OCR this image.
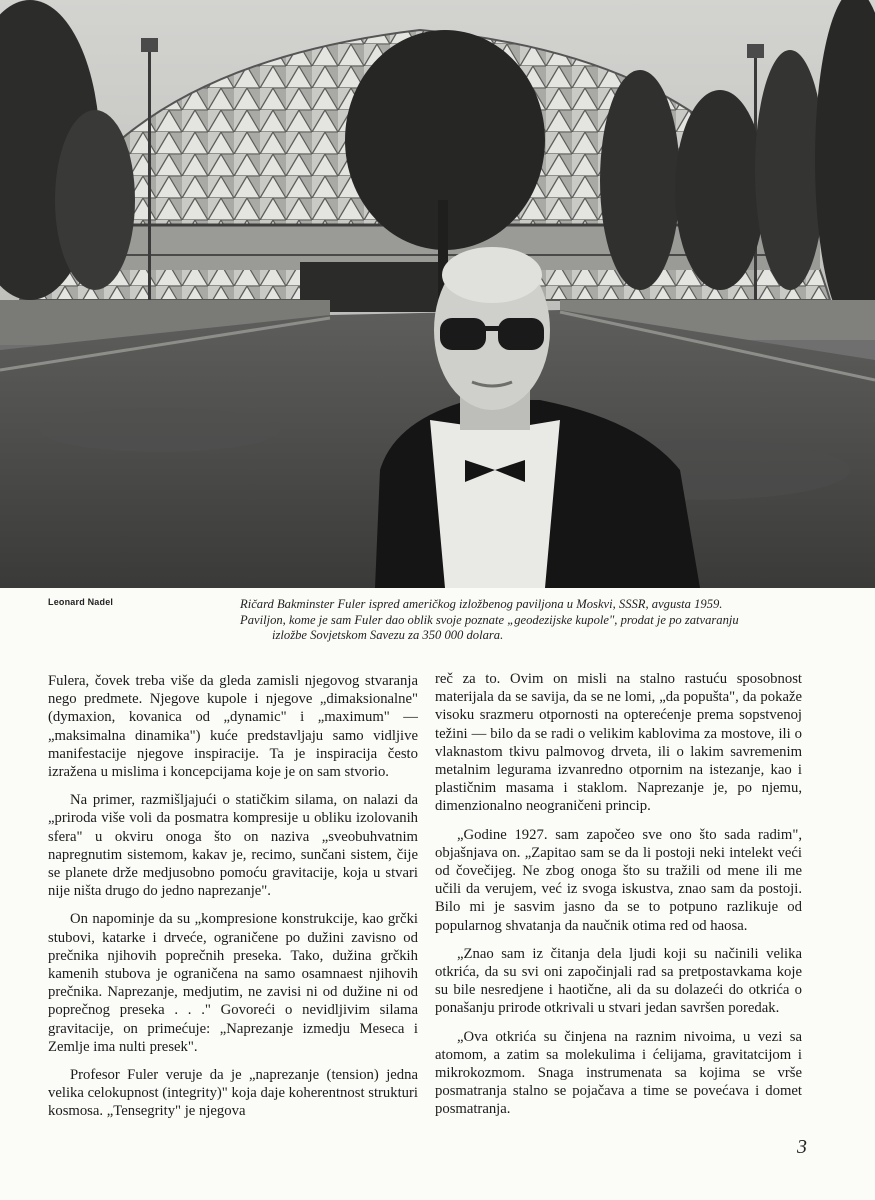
Leonard Nadel	Ričard Bakminster Fuler ispred američkog izložbenog paviljona u Moskvi, SSSR, avgusta 1959.

Paviljon, kome je sam Fuler dao oblik svoje poznate „geodezijske kupole", prodat je po zatvaranju

izložbe Sovjetskom Savezu za 350 000 dolara.

Fulera, čovek treba više da gleda zamisli njegovog stvaranja nego predmete. Njegove kupole i njegove „dimaksionalne" (dymaxion, kovanica od „dynamic" i „maximum" — „maksimalna dinamika") kuće predstavljaju samo vidljive manifestacije njegove inspiracije. Ta je inspiracija često izražena u mislima i koncepcijama koje je on sam stvorio.

Na primer, razmišljajući o statičkim silama, on nalazi da „priroda više voli da posmatra kompresije u obliku izolovanih sfera" u okviru onoga što on naziva „sveobuhvatnim napregnutim sistemom, kakav je, recimo, sunčani sistem, čije se planete drže medjusobno pomoću gravitacije, koja u stvari nije ništa drugo do jedno naprezanje".

On napominje da su „kompresione konstrukcije, kao grčki stubovi, katarke i drveće, ograničene po dužini zavisno od prečnika njihovih poprečnih preseka. Tako, dužina grčkih kamenih stubova je ograničena na samo osamnaest njihovih prečnika. Naprezanje, medjutim, ne zavisi ni od dužine ni od poprečnog preseka . . ." Govoreći o nevidljivim silama gravitacije, on primećuje: „Naprezanje izmedju Meseca i Zemlje ima nulti presek".

Profesor Fuler veruje da je „naprezanje (tension) jedna velika celokupnost (integrity)" koja daje koherentnost strukturi kosmosa. „Tensegrity" je njegova

reč za to. Ovim on misli na stalno rastuću sposobnost materijala da se savija, da se ne lomi, „da popušta", da pokaže visoku srazmeru otpornosti na opterećenje prema sopstvenoj težini — bilo da se radi o velikim kablovima za mostove, ili o vlaknastom tkivu palmovog drveta, ili o lakim savremenim metalnim legurama izvanredno otpornim na istezanje, kao i plastičnim masama i staklom. Naprezanje je, po njemu, dimenzionalno neograničeni princip.

„Godine 1927. sam započeo sve ono što sada radim", objašnjava on. „Zapitao sam se da li postoji neki intelekt veći od čovečijeg. Ne zbog onoga što su tražili od mene ili me učili da verujem, već iz svoga iskustva, znao sam da postoji. Bilo mi je sasvim jasno da se to potpuno razlikuje od popularnog shvatanja da naučnik otima red od haosa.

„Znao sam iz čitanja dela ljudi koji su načinili velika otkrića, da su svi oni započinjali rad sa pretpostavkama koje su bile nesredjene i haotične, ali da su dolazeći do otkrića o ponašanju prirode otkrivali u stvari jedan savršen poredak.

„Ova otkrića su činjena na raznim nivoima, u vezi sa atomom, a zatim sa molekulima i ćelijama, gravitatcijom i mikrokozmom. Snaga instrumenata sa kojima se vrše posmatranja stalno se pojačava a time se povećava i domet posmatranja.

3
